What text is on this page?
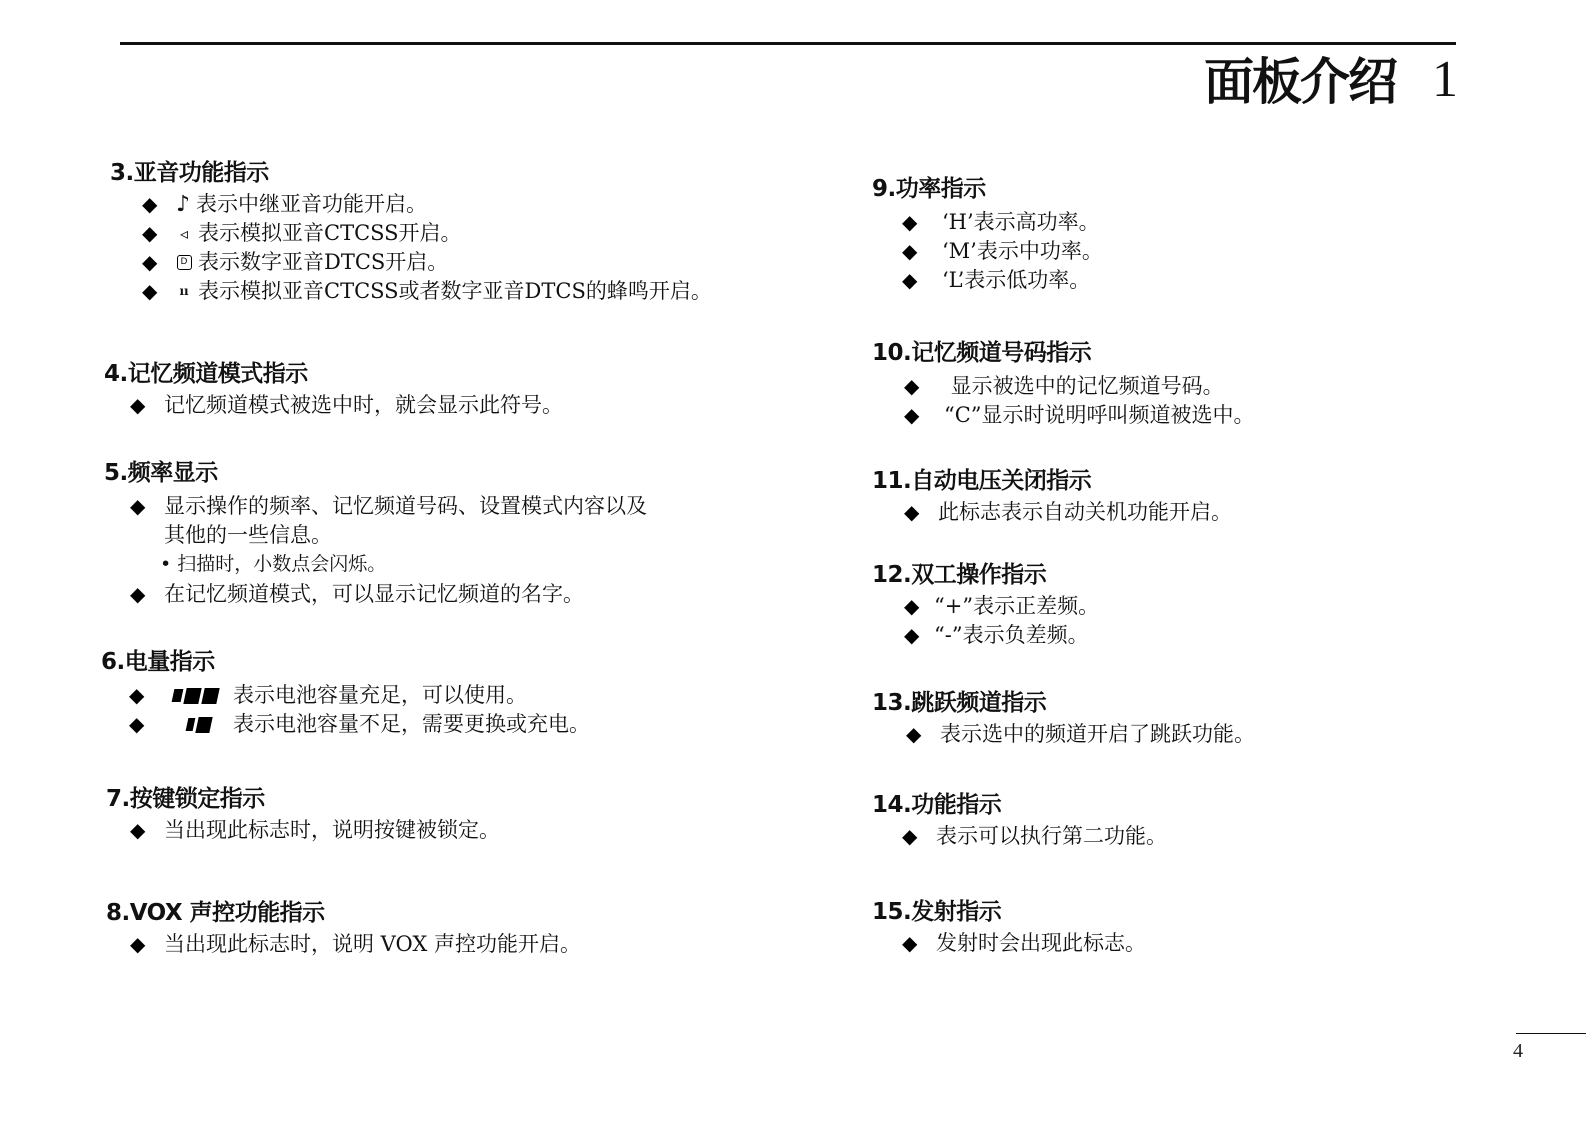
面板介绍 1
3.亚音功能指示
◆ ♪ 表示中继亚音功能开启。
◆	◃ 表示模拟亚音CTCSS开启。
◆	D 表示数字亚音DTCS开启。
◆	ıı 表示模拟亚音CTCSS或者数字亚音DTCS的蜂鸣开启。
4.记忆频道模式指示
◆ 记忆频道模式被选中时，就会显示此符号。
5.频率显示
◆ 显示操作的频率、记忆频道号码、设置模式内容以及
其他的一些信息。
• 扫描时，小数点会闪烁。
◆ 在记忆频道模式，可以显示记忆频道的名字。
6.电量指示
◆	表示电池容量充足，可以使用。
◆	表示电池容量不足，需要更换或充电。
7.按键锁定指示
◆ 当出现此标志时，说明按键被锁定。
8.VOX 声控功能指示
◆ 当出现此标志时，说明 VOX 声控功能开启。
9.功率指示
◆	‘H’表示高功率。
◆	‘M’表示中功率。
◆	‘L’表示低功率。
10.记忆频道号码指示
◆	显示被选中的记忆频道号码。
◆	“C”显示时说明呼叫频道被选中。
11.自动电压关闭指示
◆ 此标志表示自动关机功能开启。
12.双工操作指示
◆ “+”表示正差频。
◆ “-”表示负差频。
13.跳跃频道指示
◆ 表示选中的频道开启了跳跃功能。
14.功能指示
◆ 表示可以执行第二功能。
15.发射指示
◆ 发射时会出现此标志。
4
